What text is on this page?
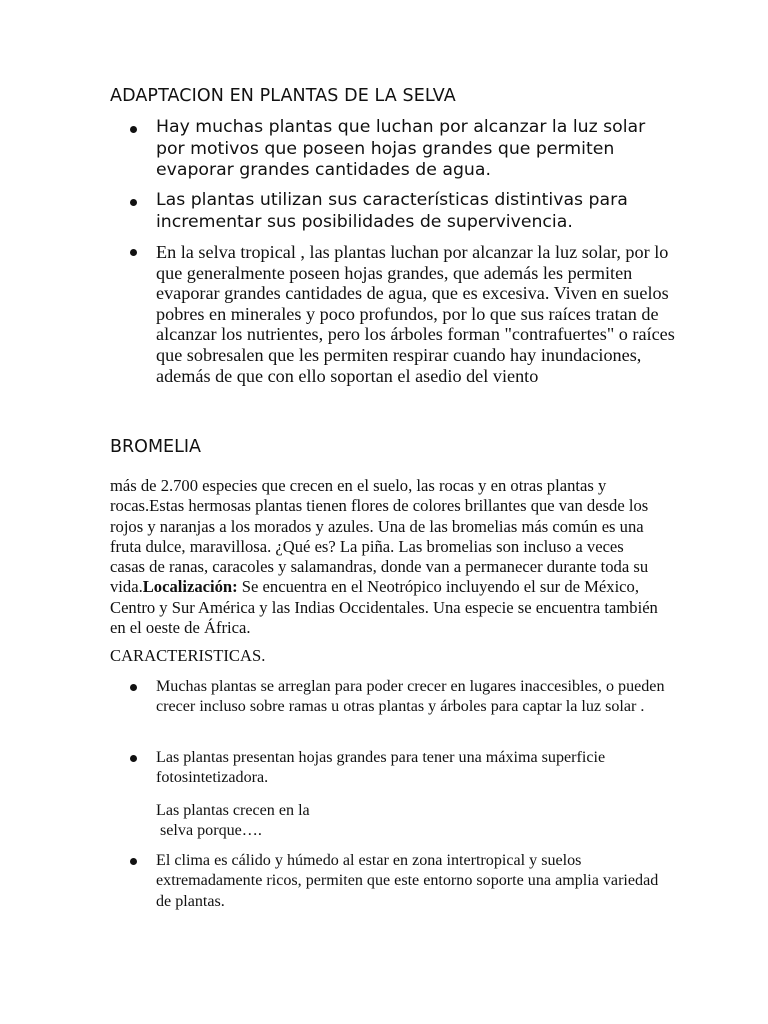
ADAPTACION EN PLANTAS DE LA SELVA
Hay muchas plantas que luchan por alcanzar la luz solar por motivos que poseen hojas grandes que permiten evaporar grandes cantidades de agua.
Las plantas utilizan sus características distintivas para incrementar sus posibilidades de supervivencia.
En la selva tropical , las plantas luchan por alcanzar la luz solar, por lo que generalmente poseen hojas grandes, que además les permiten evaporar grandes cantidades de agua, que es excesiva. Viven en suelos pobres en minerales y poco profundos, por lo que sus raíces tratan de alcanzar los nutrientes, pero los árboles forman "contrafuertes" o raíces que sobresalen que les permiten respirar cuando hay inundaciones, además de que con ello soportan el asedio del viento
BROMELIA
más de 2.700 especies que crecen en el suelo, las rocas y en otras plantas y rocas.Estas hermosas plantas tienen flores de colores brillantes que van desde los rojos y naranjas a los morados y azules. Una de las bromelias más común es una fruta dulce, maravillosa. ¿Qué es? La piña. Las bromelias son incluso a veces casas de ranas, caracoles y salamandras, donde van a permanecer durante toda su vida.Localización: Se encuentra en el Neotrópico incluyendo el sur de México, Centro y Sur América y las Indias Occidentales. Una especie se encuentra también en el oeste de África.
CARACTERISTICAS.
Muchas plantas se arreglan para poder crecer en lugares inaccesibles, o pueden crecer incluso sobre ramas u otras plantas y árboles para captar la luz solar .
Las plantas presentan hojas grandes para tener una máxima superficie fotosintetizadora.
Las plantas crecen en la
selva porque….
El clima es cálido y húmedo al estar en zona intertropical y suelos extremadamente ricos, permiten que este entorno soporte una amplia variedad de plantas.
